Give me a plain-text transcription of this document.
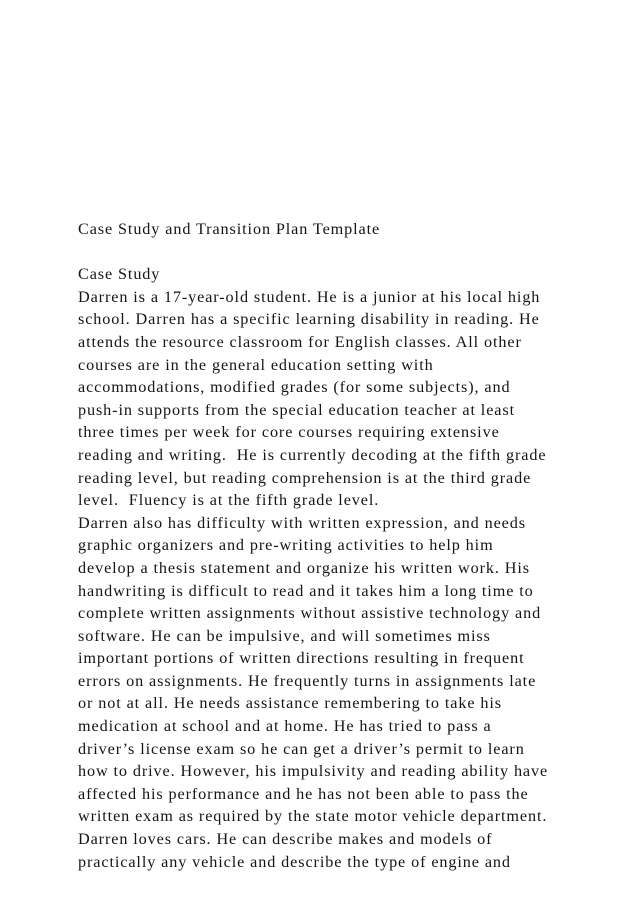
Case Study and Transition Plan Template
Case Study
Darren is a 17-year-old student. He is a junior at his local high
school. Darren has a specific learning disability in reading. He
attends the resource classroom for English classes. All other
courses are in the general education setting with
accommodations, modified grades (for some subjects), and
push-in supports from the special education teacher at least
three times per week for core courses requiring extensive
reading and writing.  He is currently decoding at the fifth grade
reading level, but reading comprehension is at the third grade
level.  Fluency is at the fifth grade level.
Darren also has difficulty with written expression, and needs
graphic organizers and pre-writing activities to help him
develop a thesis statement and organize his written work. His
handwriting is difficult to read and it takes him a long time to
complete written assignments without assistive technology and
software. He can be impulsive, and will sometimes miss
important portions of written directions resulting in frequent
errors on assignments. He frequently turns in assignments late
or not at all. He needs assistance remembering to take his
medication at school and at home. He has tried to pass a
driver’s license exam so he can get a driver’s permit to learn
how to drive. However, his impulsivity and reading ability have
affected his performance and he has not been able to pass the
written exam as required by the state motor vehicle department.
Darren loves cars. He can describe makes and models of
practically any vehicle and describe the type of engine and
